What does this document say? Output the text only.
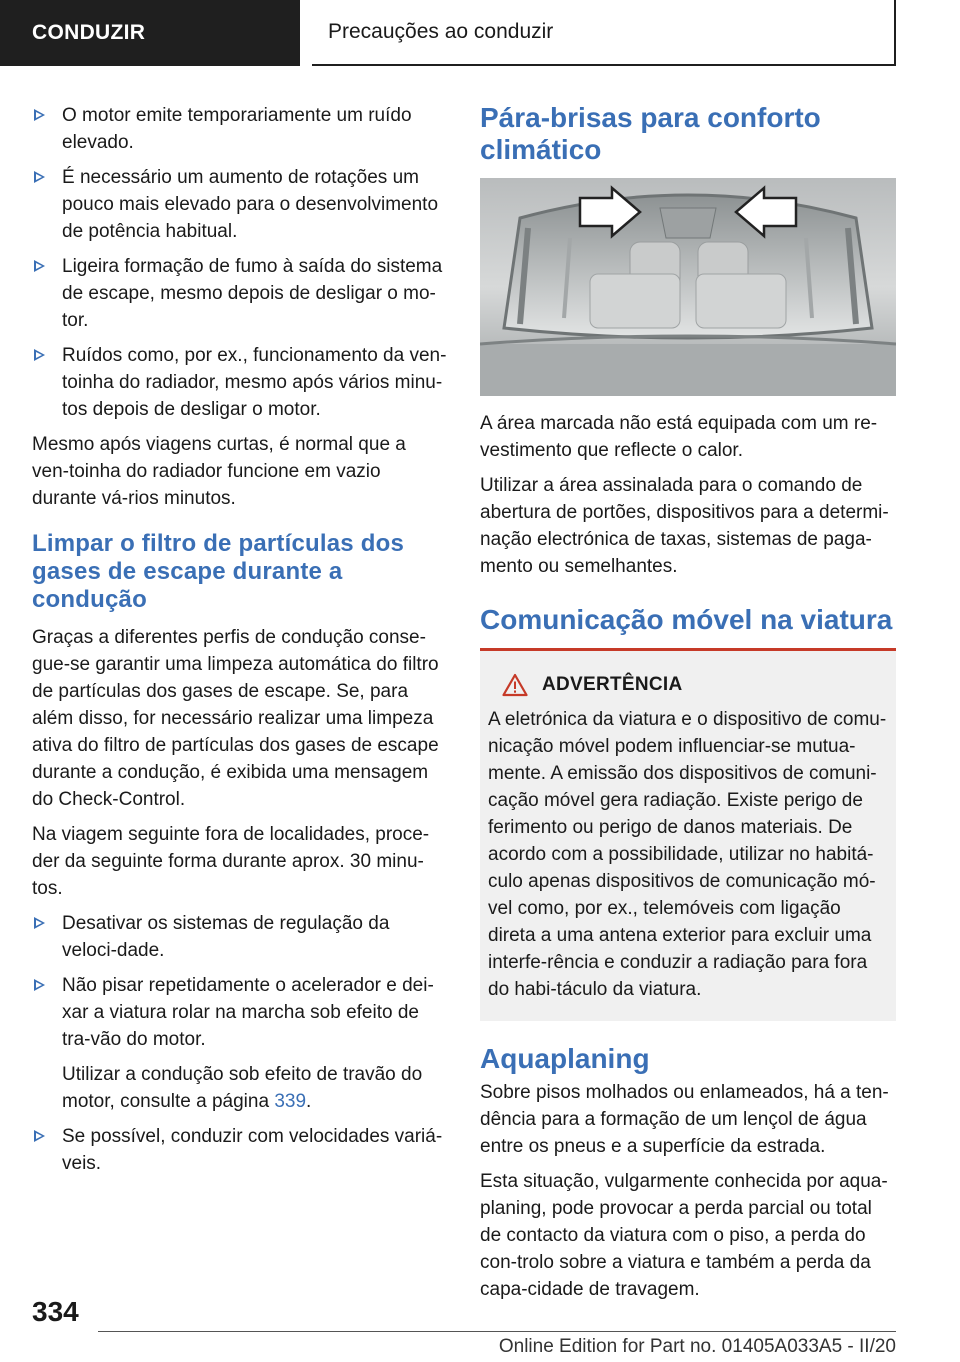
CONDUZIR	Precauções ao conduzir
O motor emite temporariamente um ruído elevado.
É necessário um aumento de rotações um pouco mais elevado para o desenvolvimento de potência habitual.
Ligeira formação de fumo à saída do sistema de escape, mesmo depois de desligar o mo-tor.
Ruídos como, por ex., funcionamento da ven-toinha do radiador, mesmo após vários minu-tos depois de desligar o motor.

Mesmo após viagens curtas, é normal que a ven-toinha do radiador funcione em vazio durante vá-rios minutos.

Limpar o filtro de partículas dos gases de escape durante a condução

Graças a diferentes perfis de condução conse-gue-se garantir uma limpeza automática do filtro de partículas dos gases de escape. Se, para além disso, for necessário realizar uma limpeza ativa do filtro de partículas dos gases de escape durante a condução, é exibida uma mensagem do Check-Control.

Na viagem seguinte fora de localidades, proce-der da seguinte forma durante aprox. 30 minu-tos.

Desativar os sistemas de regulação da veloci-dade.
Não pisar repetidamente o acelerador e dei-xar a viatura rolar na marcha sob efeito de tra-vão do motor.
Utilizar a condução sob efeito de travão do motor, consulte a página 339.
Se possível, conduzir com velocidades variá-veis.
Pára-brisas para conforto climático

A área marcada não está equipada com um re-vestimento que reflecte o calor.

Utilizar a área assinalada para o comando de abertura de portões, dispositivos para a determi-nação electrónica de taxas, sistemas de paga-mento ou semelhantes.

Comunicação móvel na viatura
ADVERTÊNCIA
A eletrónica da viatura e o dispositivo de comu-nicação móvel podem influenciar-se mutua-mente. A emissão dos dispositivos de comuni-cação móvel gera radiação. Existe perigo de ferimento ou perigo de danos materiais. De acordo com a possibilidade, utilizar no habitá-culo apenas dispositivos de comunicação mó-vel como, por ex., telemóveis com ligação direta a uma antena exterior para excluir uma interfe-rência e conduzir a radiação para fora do habi-táculo da viatura.
Aquaplaning

Sobre pisos molhados ou enlameados, há a ten-dência para a formação de um lençol de água entre os pneus e a superfície da estrada.

Esta situação, vulgarmente conhecida por aqua-planing, pode provocar a perda parcial ou total de contacto da viatura com o piso, a perda do con-trolo sobre a viatura e também a perda da capa-cidade de travagem.

334
Online Edition for Part no. 01405A033A5 - II/20
